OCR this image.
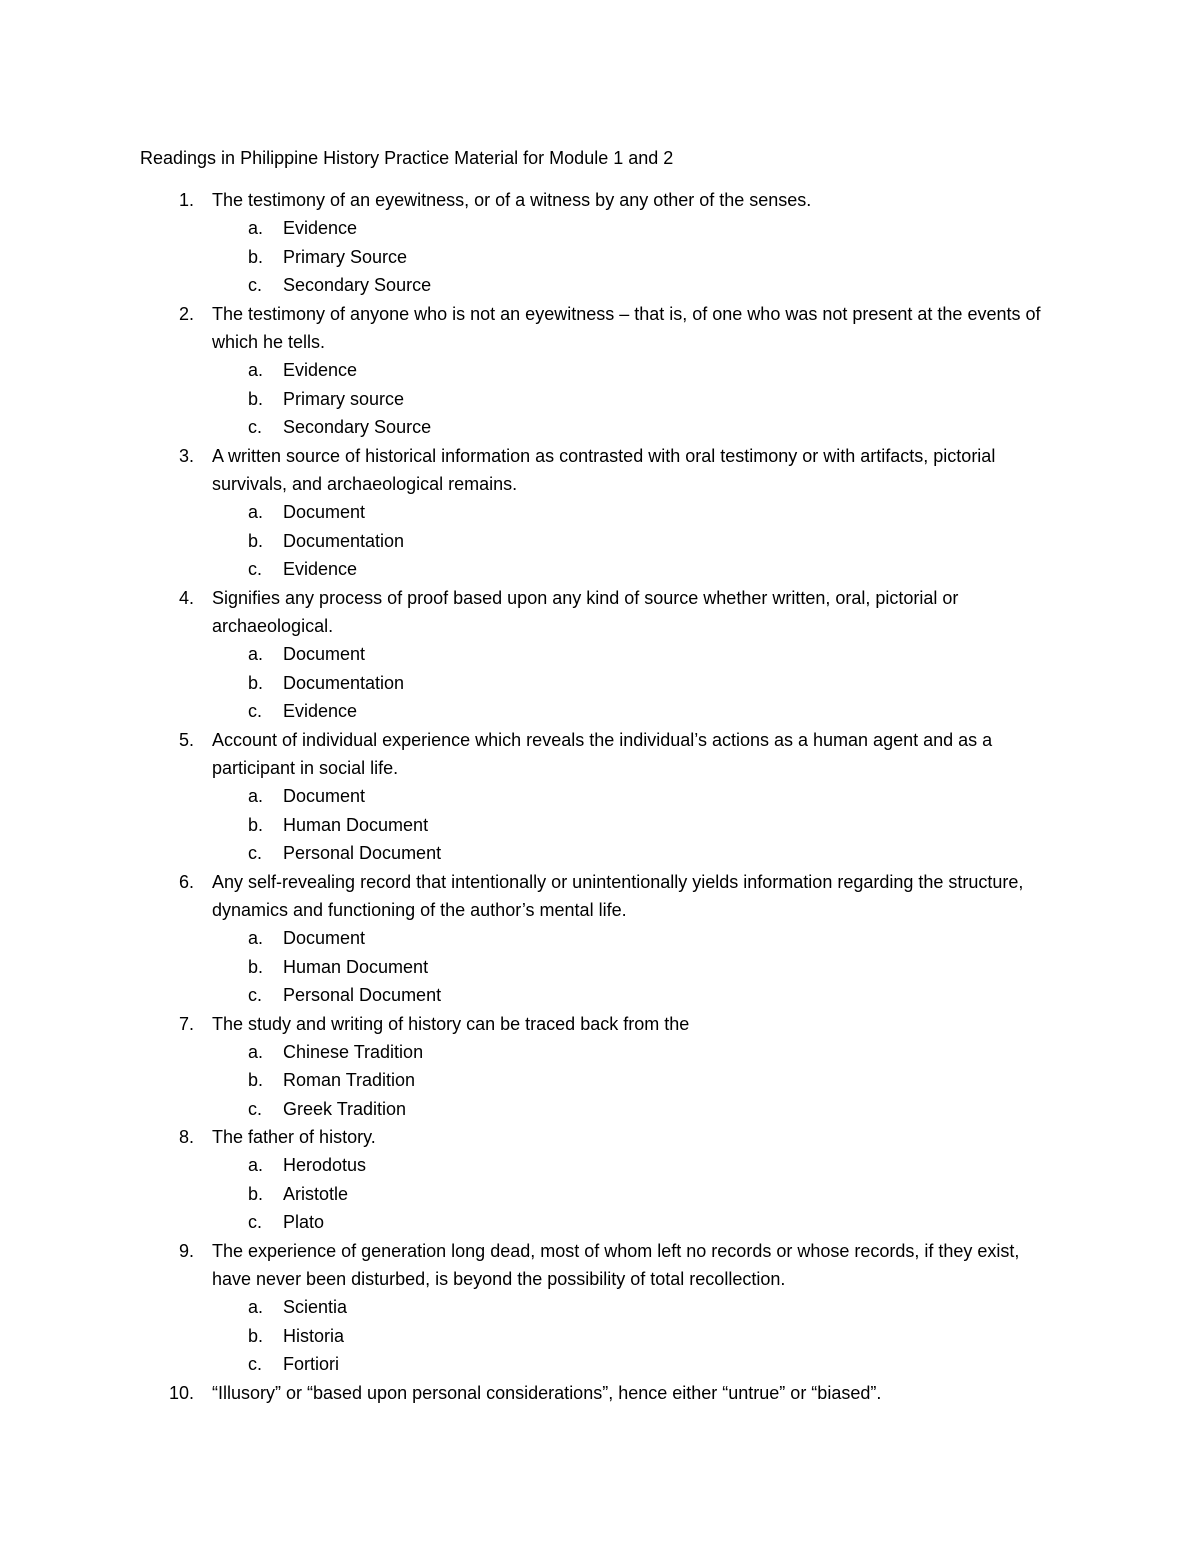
Readings in Philippine History Practice Material for Module 1 and 2
1. The testimony of an eyewitness, or of a witness by any other of the senses.
a. Evidence
b. Primary Source
c. Secondary Source
2. The testimony of anyone who is not an eyewitness – that is, of one who was not present at the events of which he tells.
a. Evidence
b. Primary source
c. Secondary Source
3. A written source of historical information as contrasted with oral testimony or with artifacts, pictorial survivals, and archaeological remains.
a. Document
b. Documentation
c. Evidence
4. Signifies any process of proof based upon any kind of source whether written, oral, pictorial or archaeological.
a. Document
b. Documentation
c. Evidence
5. Account of individual experience which reveals the individual’s actions as a human agent and as a participant in social life.
a. Document
b. Human Document
c. Personal Document
6. Any self-revealing record that intentionally or unintentionally yields information regarding the structure, dynamics and functioning of the author’s mental life.
a. Document
b. Human Document
c. Personal Document
7. The study and writing of history can be traced back from the
a. Chinese Tradition
b. Roman Tradition
c. Greek Tradition
8. The father of history.
a. Herodotus
b. Aristotle
c. Plato
9. The experience of generation long dead, most of whom left no records or whose records, if they exist, have never been disturbed, is beyond the possibility of total recollection.
a. Scientia
b. Historia
c. Fortiori
10. “Illusory” or “based upon personal considerations”, hence either “untrue” or “biased”.
